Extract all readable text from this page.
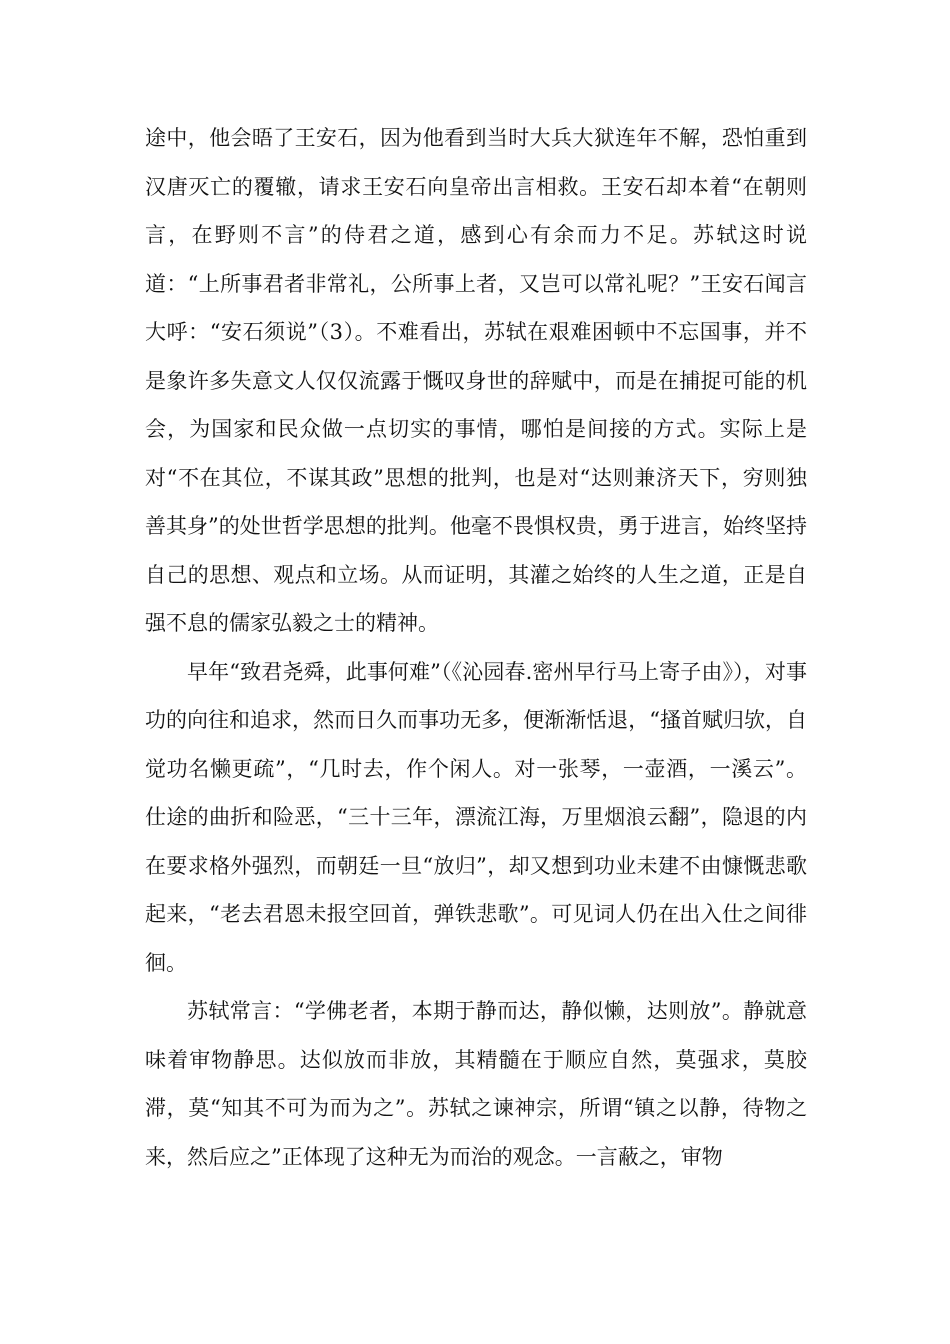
途中，他会晤了王安石，因为他看到当时大兵大狱连年不解，恐怕重到汉唐灭亡的覆辙，请求王安石向皇帝出言相救。王安石却本着“在朝则言，在野则不言”的侍君之道，感到心有余而力不足。苏轼这时说道：“上所事君者非常礼，公所事上者，又岂可以常礼呢？”王安石闻言大呼：“安石须说”（3）。不难看出，苏轼在艰难困顿中不忘国事，并不是象许多失意文人仅仅流露于慨叹身世的辞赋中，而是在捕捉可能的机会，为国家和民众做一点切实的事情，哪怕是间接的方式。实际上是对“不在其位，不谋其政”思想的批判，也是对“达则兼济天下，穷则独善其身”的处世哲学思想的批判。他毫不畏惧权贵，勇于进言，始终坚持自己的思想、观点和立场。从而证明，其灌之始终的人生之道，正是自强不息的儒家弘毅之士的精神。

早年“致君尧舜，此事何难”（《沁园春.密州早行马上寄子由》），对事功的向往和追求，然而日久而事功无多，便渐渐恬退，“搔首赋归欤，自觉功名懒更疏”，“几时去，作个闲人。对一张琴，一壶酒，一溪云”。仕途的曲折和险恶，“三十三年，漂流江海，万里烟浪云翻”，隐退的内在要求格外强烈，而朝廷一旦“放归”，却又想到功业未建不由慷慨悲歌起来，“老去君恩未报空回首，弹铁悲歌”。可见词人仍在出入仕之间徘徊。

苏轼常言：“学佛老者，本期于静而达，静似懒，达则放”。静就意味着审物静思。达似放而非放，其精髓在于顺应自然，莫强求，莫胶滞，莫“知其不可为而为之”。苏轼之谏神宗，所谓“镇之以静，待物之来，然后应之”正体现了这种无为而治的观念。一言蔽之，审物
